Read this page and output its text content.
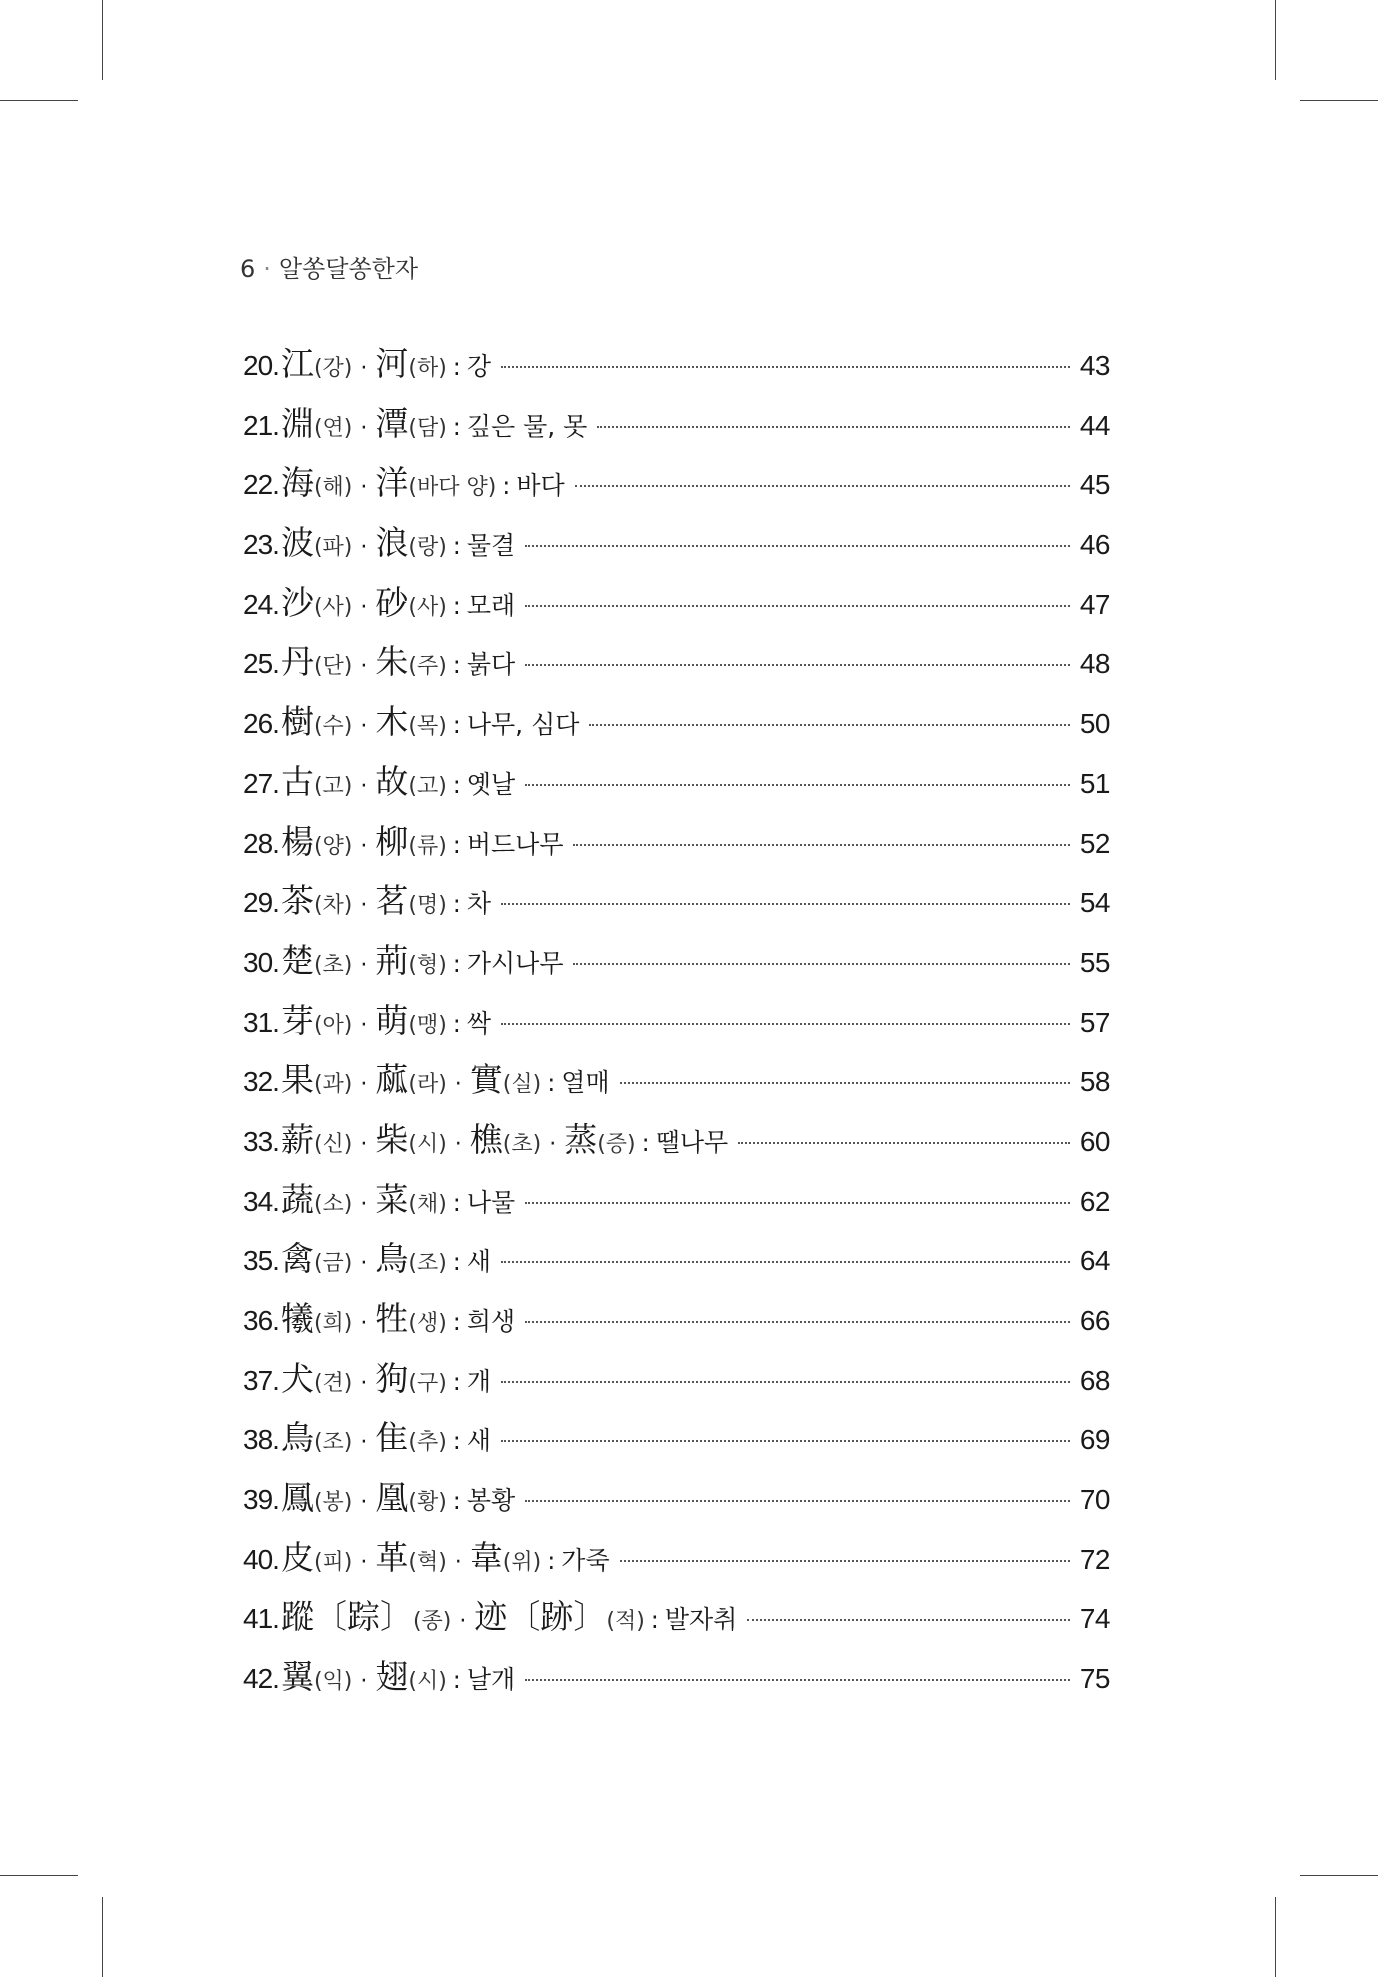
6 · 알쏭달쏭한자
20. 江(강) · 河(하) : 강	43
21. 淵(연) · 潭(담) : 깊은 물, 못	44
22. 海(해) · 洋(바다 양) : 바다	45
23. 波(파) · 浪(랑) : 물결	46
24. 沙(사) · 砂(사) : 모래	47
25. 丹(단) · 朱(주) : 붉다	48
26. 樹(수) · 木(목) : 나무, 심다	50
27. 古(고) · 故(고) : 옛날	51
28. 楊(양) · 柳(류) : 버드나무	52
29. 茶(차) · 茗(명) : 차	54
30. 楚(초) · 荊(형) : 가시나무	55
31. 芽(아) · 萌(맹) : 싹	57
32. 果(과) · 蓏(라) · 實(실) : 열매	58
33. 薪(신) · 柴(시) · 樵(초) · 蒸(증) : 땔나무	60
34. 蔬(소) · 菜(채) : 나물	62
35. 禽(금) · 鳥(조) : 새	64
36. 犧(희) · 牲(생) : 희생	66
37. 犬(견) · 狗(구) : 개	68
38. 鳥(조) · 隹(추) : 새	69
39. 鳳(봉) · 凰(황) : 봉황	70
40. 皮(피) · 革(혁) · 韋(위) : 가죽	72
41. 蹤〔踪〕(종) · 迹〔跡〕(적) : 발자취	74
42. 翼(익) · 翅(시) : 날개	75
